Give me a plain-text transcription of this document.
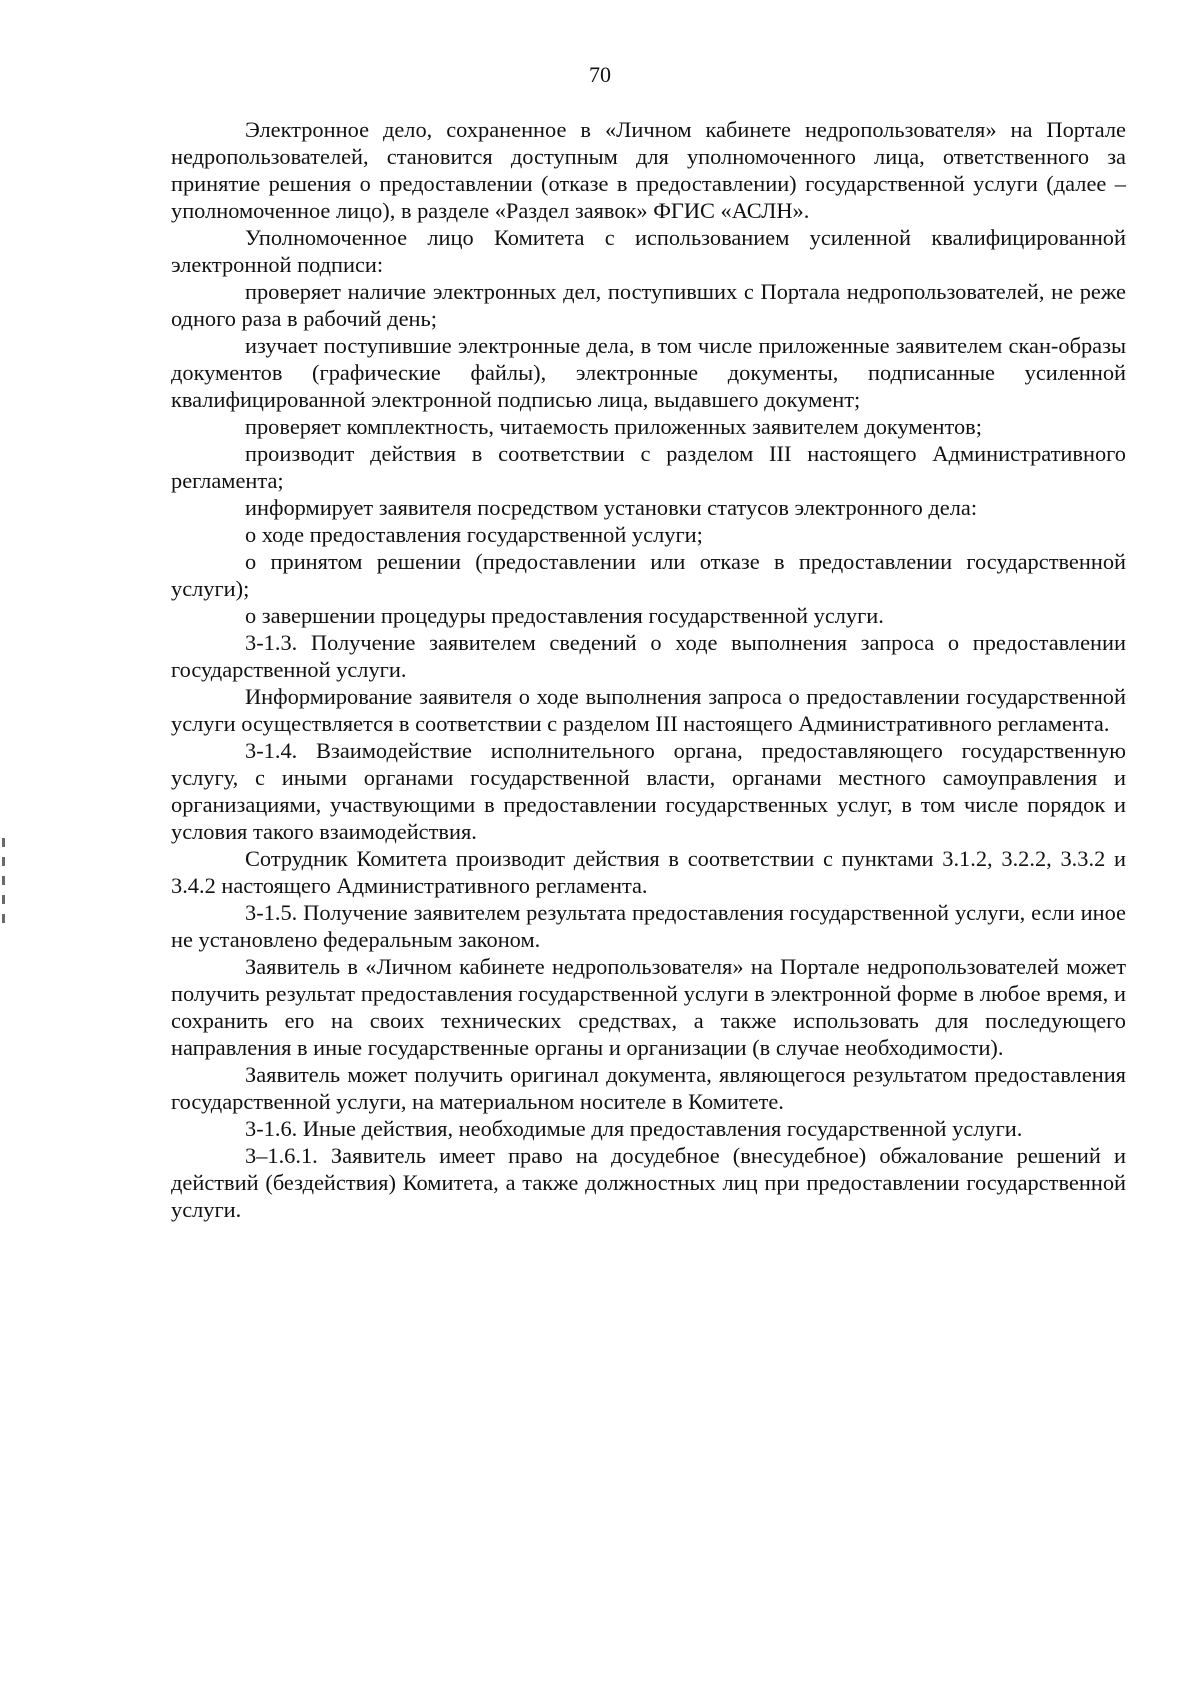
70

Электронное дело, сохраненное в «Личном кабинете недропользователя» на Портале недропользователей, становится доступным для уполномоченного лица, ответственного за принятие решения о предоставлении (отказе в предоставлении) государственной услуги (далее – уполномоченное лицо), в разделе «Раздел заявок» ФГИС «АСЛН».

Уполномоченное лицо Комитета с использованием усиленной квалифицированной электронной подписи:

проверяет наличие электронных дел, поступивших с Портала недропользователей, не реже одного раза в рабочий день;

изучает поступившие электронные дела, в том числе приложенные заявителем скан-образы документов (графические файлы), электронные документы, подписанные усиленной квалифицированной электронной подписью лица, выдавшего документ;

проверяет комплектность, читаемость приложенных заявителем документов;

производит действия в соответствии с разделом III настоящего Административного регламента;

информирует заявителя посредством установки статусов электронного дела:

о ходе предоставления государственной услуги;

о принятом решении (предоставлении или отказе в предоставлении государственной услуги);

о завершении процедуры предоставления государственной услуги.

3-1.3. Получение заявителем сведений о ходе выполнения запроса о предоставлении государственной услуги.

Информирование заявителя о ходе выполнения запроса о предоставлении государственной услуги осуществляется в соответствии с разделом III настоящего Административного регламента.

3-1.4. Взаимодействие исполнительного органа, предоставляющего государственную услугу, с иными органами государственной власти, органами местного самоуправления и организациями, участвующими в предоставлении государственных услуг, в том числе порядок и условия такого взаимодействия.

Сотрудник Комитета производит действия в соответствии с пунктами 3.1.2, 3.2.2, 3.3.2 и 3.4.2 настоящего Административного регламента.

3-1.5. Получение заявителем результата предоставления государственной услуги, если иное не установлено федеральным законом.

Заявитель в «Личном кабинете недропользователя» на Портале недропользователей может получить результат предоставления государственной услуги в электронной форме в любое время, и сохранить его на своих технических средствах, а также использовать для последующего направления в иные государственные органы и организации (в случае необходимости).

Заявитель может получить оригинал документа, являющегося результатом предоставления государственной услуги, на материальном носителе в Комитете.

3-1.6. Иные действия, необходимые для предоставления государственной услуги.

3–1.6.1. Заявитель имеет право на досудебное (внесудебное) обжалование решений и действий (бездействия) Комитета, а также должностных лиц при предоставлении государственной услуги.
